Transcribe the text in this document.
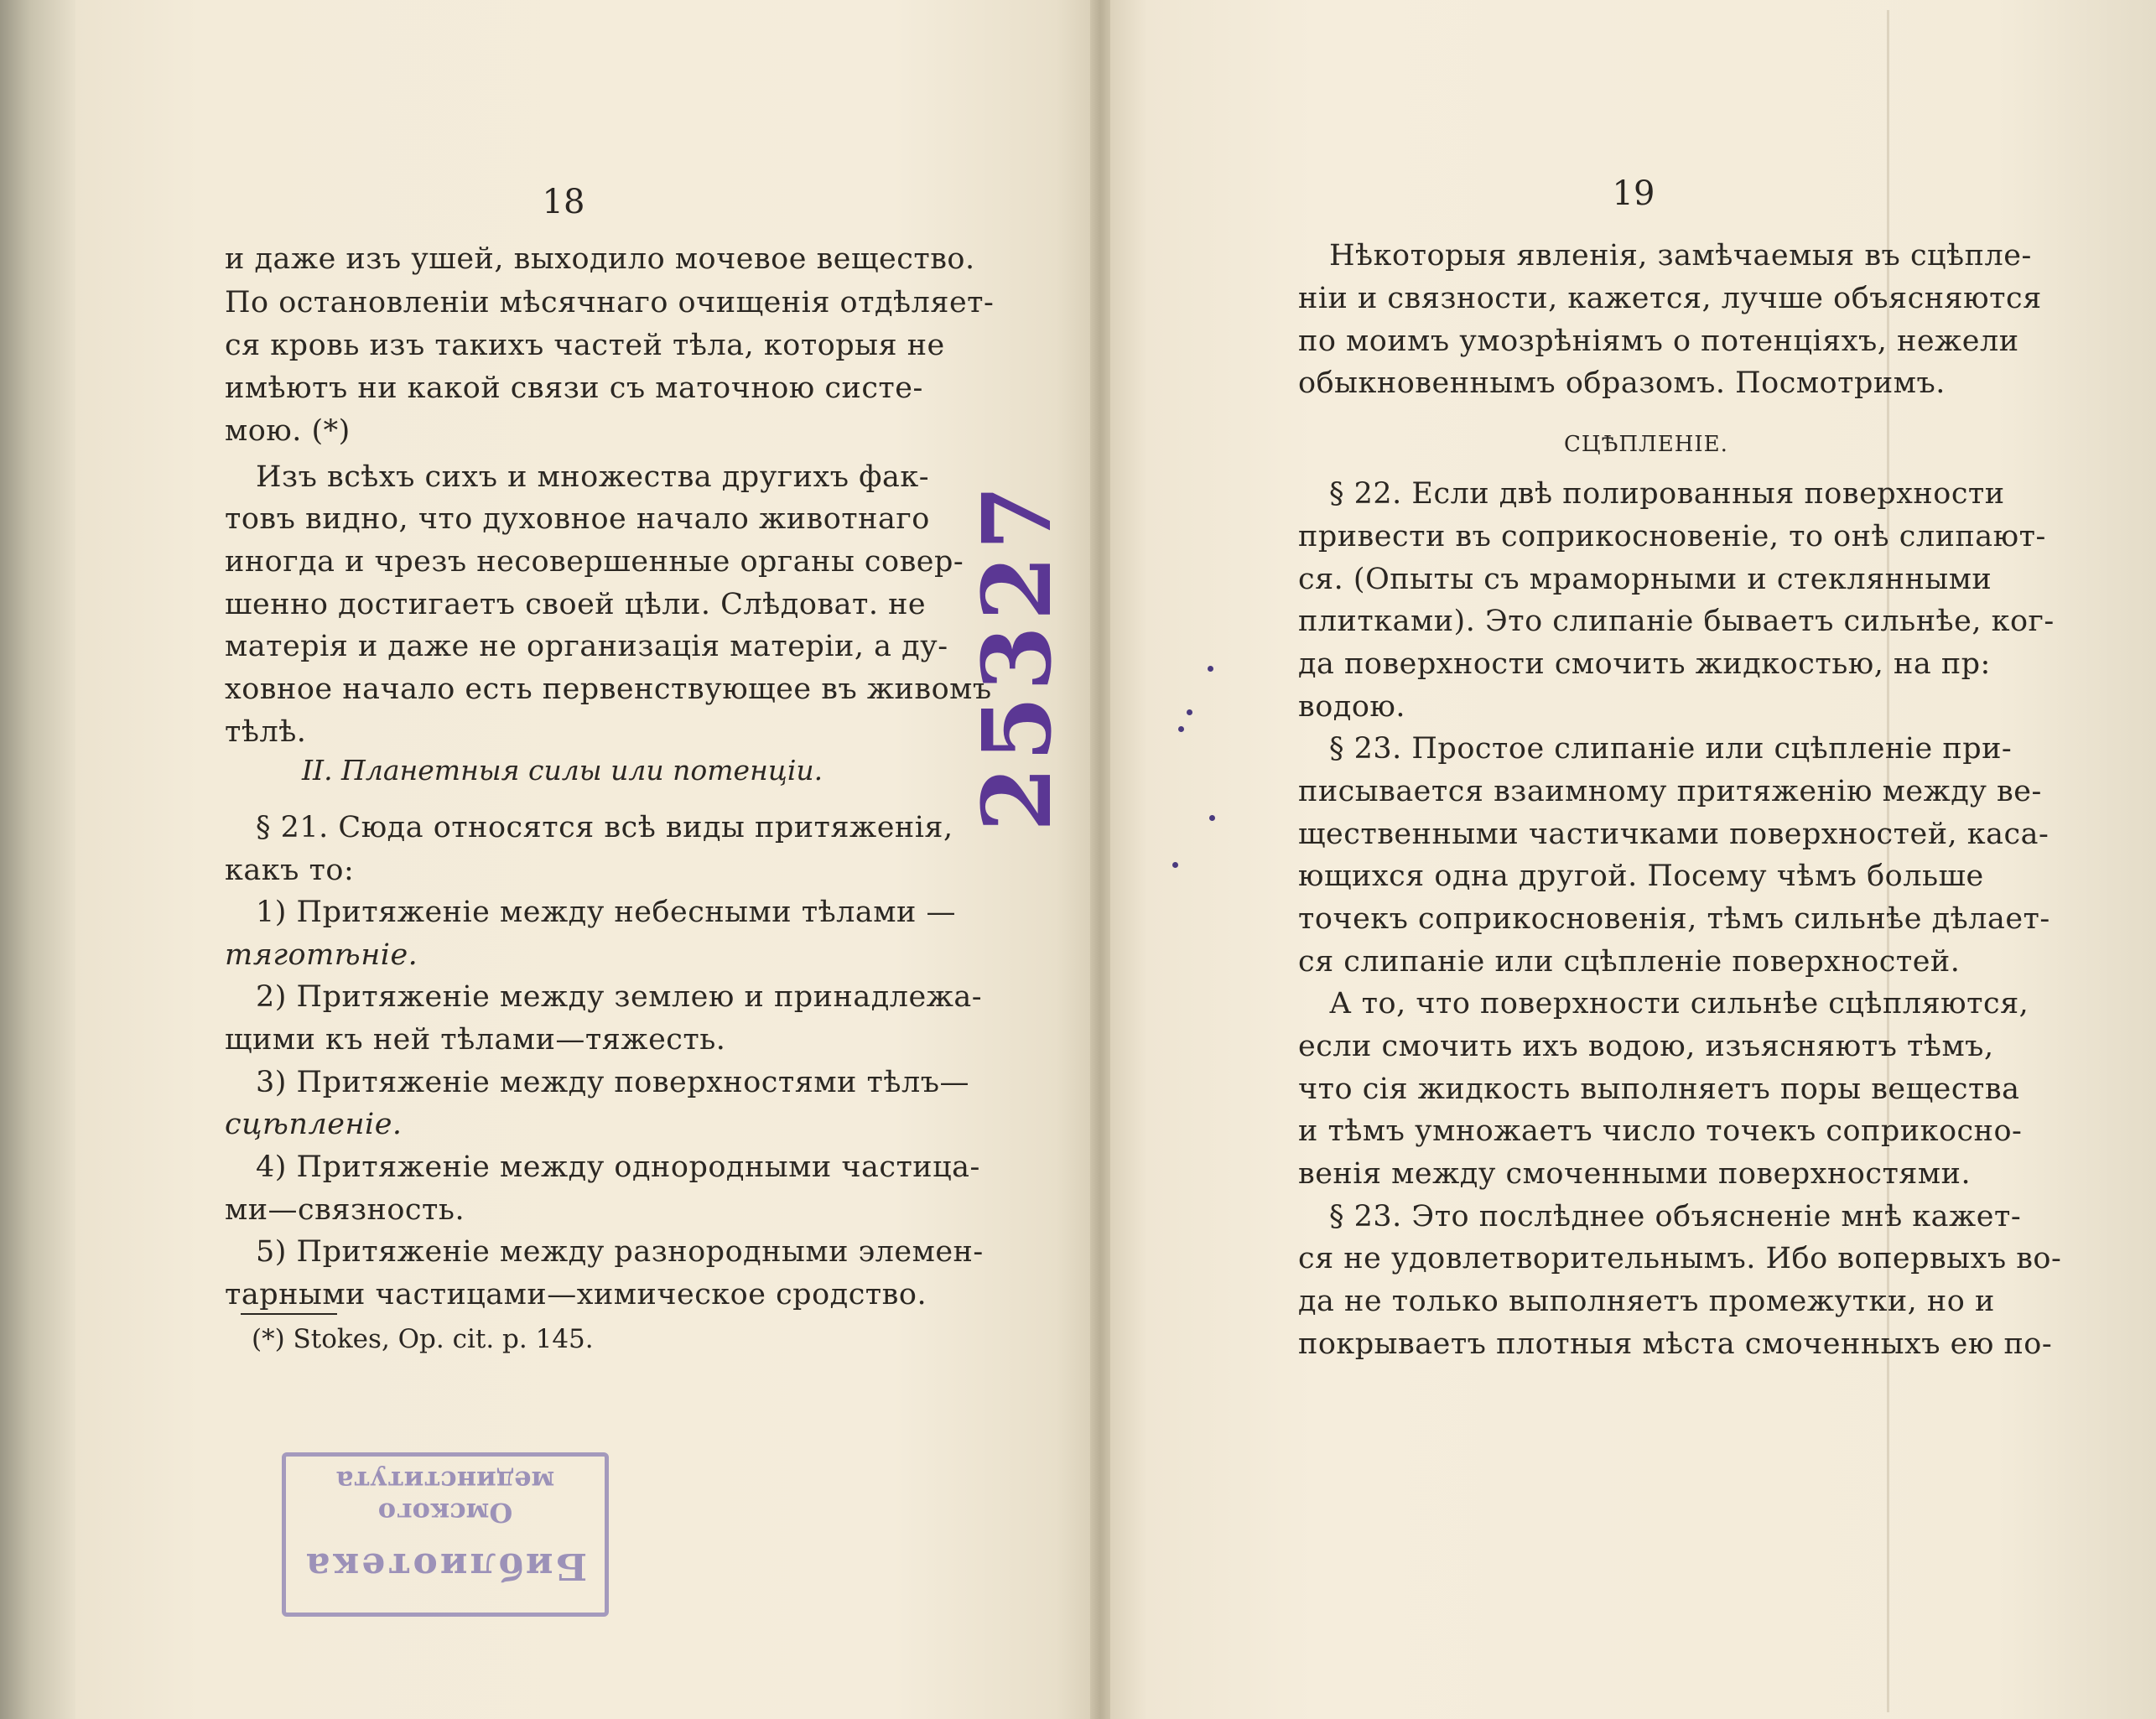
18
и даже изъ ушей, выходило мочевое вещество.
По остановленіи мѣсячнаго очищенія отдѣляет-
ся кровь изъ такихъ частей тѣла, которыя не
имѣютъ ни какой связи съ маточною систе-
мою. (*)
Изъ всѣхъ сихъ и множества другихъ фак-
товъ видно, что духовное начало животнаго
иногда и чрезъ несовершенные органы совер-
шенно достигаетъ своей цѣли. Слѣдоват. не
матерія и даже не организація матеріи, а ду-
ховное начало есть первенствующее въ живомъ
тѣлѣ.
II. Планетныя силы или потенціи.
§ 21. Сюда относятся всѣ виды притяженія,
какъ то:
1) Притяженіе между небесными тѣлами —
тяготѣніе.
2) Притяженіе между землею и принадлежа-
щими къ ней тѣлами—тяжесть.
3) Притяженіе между поверхностями тѣлъ—
сцѣпленіе.
4) Притяженіе между однородными частица-
ми—связность.
5) Притяженіе между разнородными элемен-
тарными частицами—химическое сродство.
(*) Stokes, Op. cit. p. 145.
Библиотека
Омского мединститута
25327
19
Нѣкоторыя явленія, замѣчаемыя въ сцѣпле-
ніи и связности, кажется, лучше объясняются
по моимъ умозрѣніямъ о потенціяхъ, нежели
обыкновеннымъ образомъ. Посмотримъ.
СЦѢПЛЕНІЕ.
§ 22. Если двѣ полированныя поверхности
привести въ соприкосновеніе, то онѣ слипают-
ся. (Опыты съ мраморными и стеклянными
плитками). Это слипаніе бываетъ сильнѣе, ког-
да поверхности смочить жидкостью, на пр:
водою.
§ 23. Простое слипаніе или сцѣпленіе при-
писывается взаимному притяженію между ве-
щественными частичками поверхностей, каса-
ющихся одна другой. Посему чѣмъ больше
точекъ соприкосновенія, тѣмъ сильнѣе дѣлает-
ся слипаніе или сцѣпленіе поверхностей.
А то, что поверхности сильнѣе сцѣпляются,
если смочить ихъ водою, изъясняютъ тѣмъ,
что сія жидкость выполняетъ поры вещества
и тѣмъ умножаетъ число точекъ соприкосно-
венія между смоченными поверхностями.
§ 23. Это послѣднее объясненіе мнѣ кажет-
ся не удовлетворительнымъ. Ибо вопервыхъ во-
да не только выполняетъ промежутки, но и
покрываетъ плотныя мѣста смоченныхъ ею по-
